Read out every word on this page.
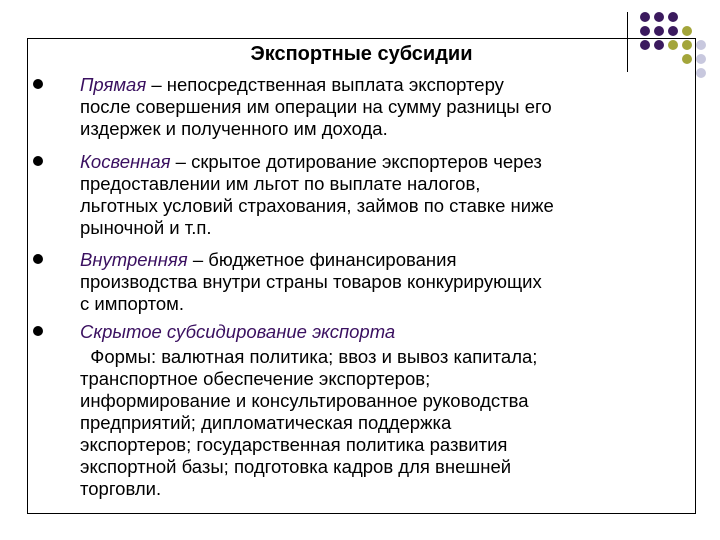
Экспортные субсидии
Прямая – непосредственная выплата экспортеру
после совершения им операции на сумму разницы его
издержек и полученного им дохода.
Косвенная – скрытое дотирование экспортеров через
предоставлении им льгот по выплате налогов,
льготных условий страхования, займов по ставке ниже
рыночной и т.п.
Внутренняя – бюджетное финансирования
производства внутри страны товаров конкурирующих
с импортом.
Скрытое субсидирование экспорта
Формы: валютная политика; ввоз и вывоз капитала;
транспортное обеспечение экспортеров;
информирование и консультированное руководства
предприятий; дипломатическая поддержка
экспортеров; государственная политика развития
экспортной базы; подготовка кадров для внешней
торговли.
